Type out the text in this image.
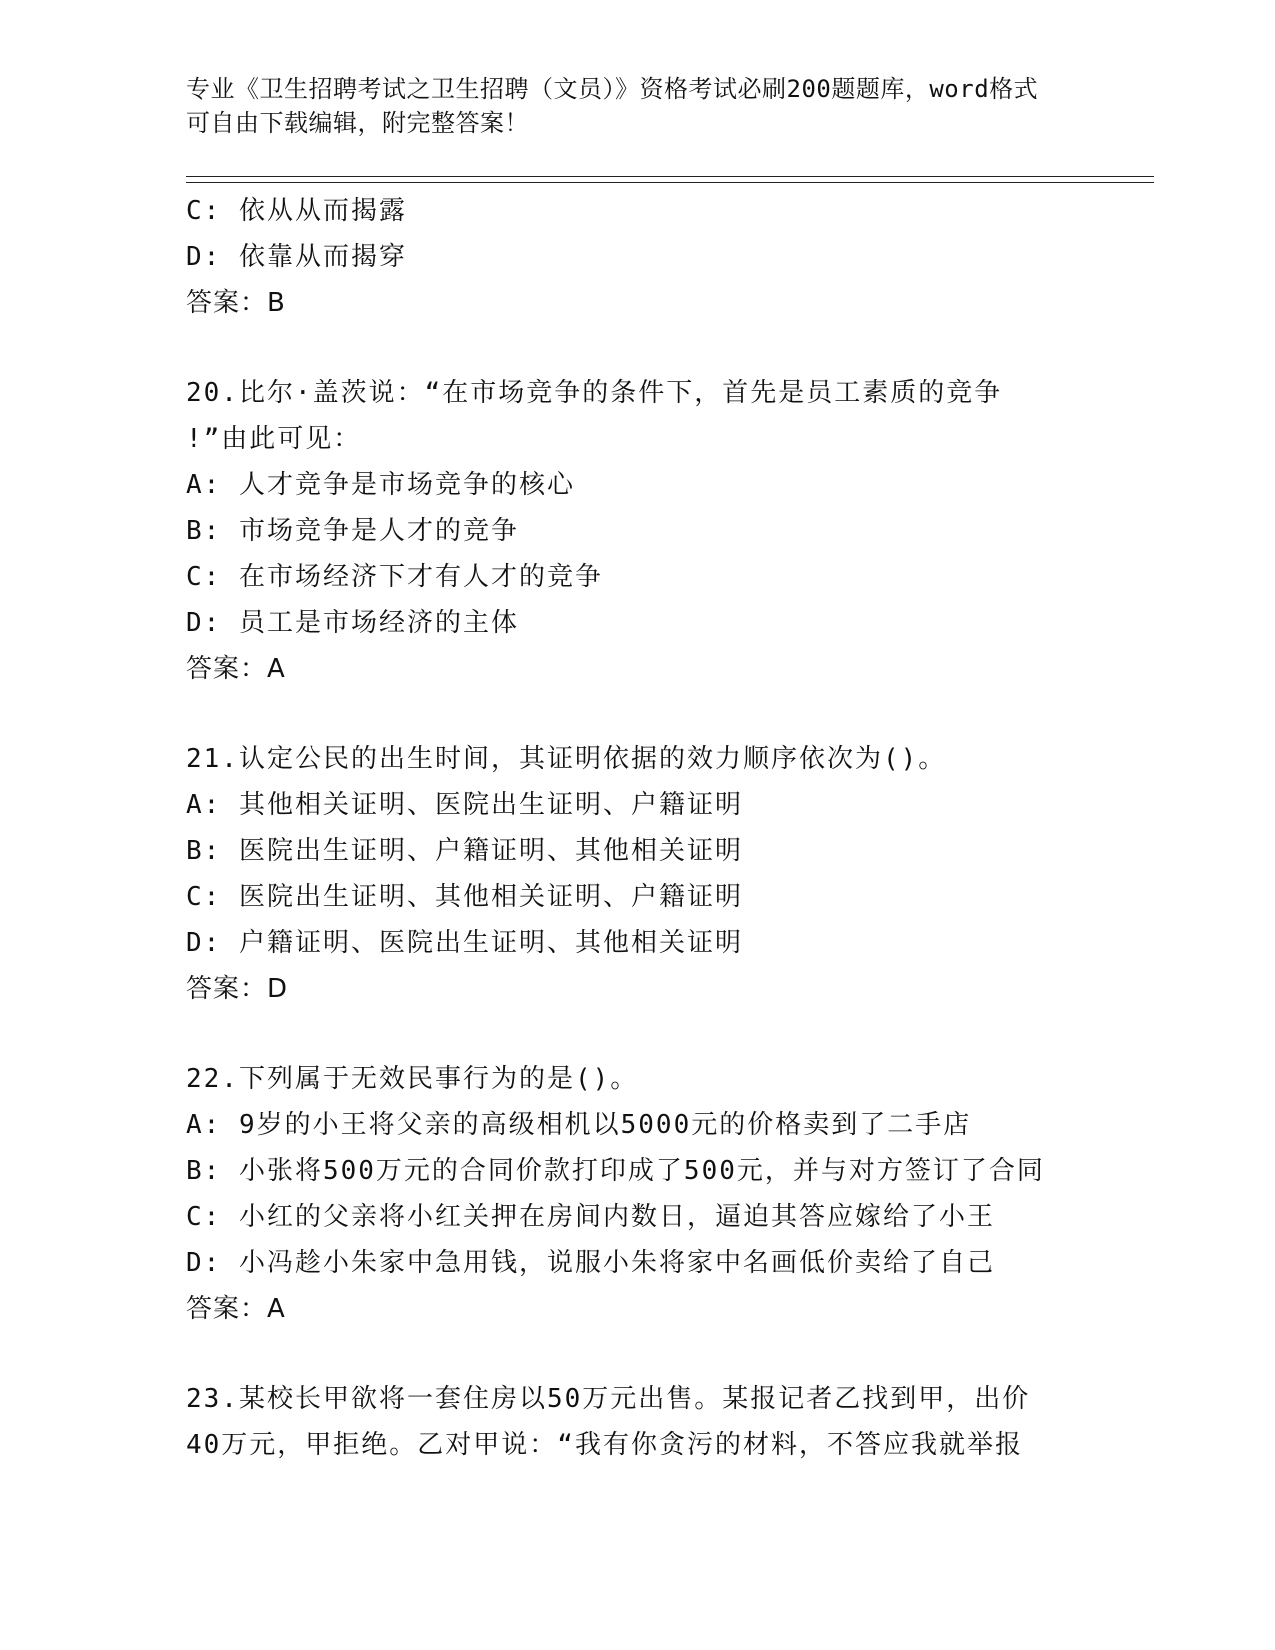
专业《卫生招聘考试之卫生招聘（文员）》资格考试必刷200题题库，word格式
可自由下载编辑，附完整答案！
C: 依从从而揭露
D: 依靠从而揭穿
答案：B
20.比尔·盖茨说：“在市场竞争的条件下，首先是员工素质的竞争
!”由此可见：
A: 人才竞争是市场竞争的核心
B: 市场竞争是人才的竞争
C: 在市场经济下才有人才的竞争
D: 员工是市场经济的主体
答案：A
21.认定公民的出生时间，其证明依据的效力顺序依次为()。
A: 其他相关证明、医院出生证明、户籍证明
B: 医院出生证明、户籍证明、其他相关证明
C: 医院出生证明、其他相关证明、户籍证明
D: 户籍证明、医院出生证明、其他相关证明
答案：D
22.下列属于无效民事行为的是()。
A: 9岁的小王将父亲的高级相机以5000元的价格卖到了二手店
B: 小张将500万元的合同价款打印成了500元，并与对方签订了合同
C: 小红的父亲将小红关押在房间内数日，逼迫其答应嫁给了小王
D: 小冯趁小朱家中急用钱，说服小朱将家中名画低价卖给了自己
答案：A
23.某校长甲欲将一套住房以50万元出售。某报记者乙找到甲，出价
40万元，甲拒绝。乙对甲说：“我有你贪污的材料，不答应我就举报
